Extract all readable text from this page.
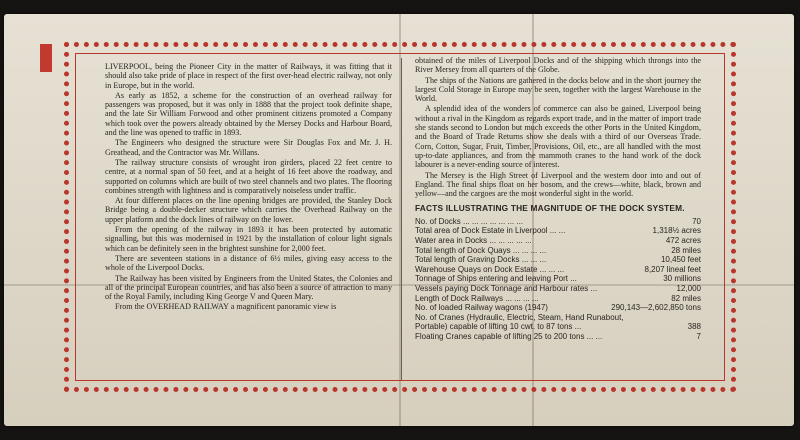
LIVERPOOL, being the Pioneer City in the matter of Railways, it was fitting that it should also take pride of place in respect of the first over-head electric railway, not only in Europe, but in the world.

As early as 1852, a scheme for the construction of an overhead railway for passengers was proposed, but it was only in 1888 that the project took definite shape, and the late Sir William Forwood and other prominent citizens promoted a Company which took over the powers already obtained by the Mersey Docks and Harbour Board, and the line was opened to traffic in 1893.

The Engineers who designed the structure were Sir Douglas Fox and Mr. J. H. Greathead, and the Contractor was Mr. Willans.

The railway structure consists of wrought iron girders, placed 22 feet centre to centre, at a normal span of 50 feet, and at a height of 16 feet above the roadway, and supported on columns which are built of two steel channels and two plates. The flooring combines strength with lightness and is comparatively noiseless under traffic.

At four different places on the line opening bridges are provided, the Stanley Dock Bridge being a double-decker structure which carries the Overhead Railway on the upper platform and the dock lines of railway on the lower.

From the opening of the railway in 1893 it has been protected by automatic signalling, but this was modernised in 1921 by the installation of colour light signals which can be definitely seen in the brightest sunshine for 2,000 feet.

There are seventeen stations in a distance of 6½ miles, giving easy access to the whole of the Liverpool Docks.

The Railway has been visited by Engineers from the United States, the Colonies and all of the principal European countries, and has also been a source of attraction to many of the Royal Family, including King George V and Queen Mary.

From the OVERHEAD RAILWAY a magnificent panoramic view is

obtained of the miles of Liverpool Docks and of the shipping which throngs into the River Mersey from all quarters of the Globe.

The ships of the Nations are gathered in the docks below and in the short journey the largest Cold Storage in Europe may be seen, together with the largest Warehouse in the World.

A splendid idea of the wonders of commerce can also be gained, Liverpool being without a rival in the Kingdom as regards export trade, and in the matter of import trade she stands second to London but much exceeds the other Ports in the United Kingdom, and the Board of Trade Returns show she deals with a third of our Overseas Trade. Corn, Cotton, Sugar, Fruit, Timber, Provisions, Oil, etc., are all handled with the most up-to-date appliances, and from the mammoth cranes to the hand work of the dock labourer is a never-ending source of interest.

The Mersey is the High Street of Liverpool and the western door into and out of England. The final ships float on her bosom, and the crews—white, black, brown and yellow—and the cargoes are the most wonderful sight in the world.

FACTS ILLUSTRATING THE MAGNITUDE OF THE DOCK SYSTEM.
No. of Docks ... ... ... ... ... ... ...	70
Total area of Dock Estate in Liverpool ... ...	1,318½ acres
Water area in Docks ... ... ... ... ...	472 acres
Total length of Dock Quays ... ... ... ...	28 miles
Total length of Graving Docks ... ... ...	10,450 feet
Warehouse Quays on Dock Estate ... ... ...	8,207 lineal feet
Tonnage of Ships entering and leaving Port ...	30 millions
Vessels paying Dock Tonnage and Harbour rates ...	12,000
Length of Dock Railways ... ... ... ...	82 miles
No. of loaded Railway wagons (1947)	290,143—2,602,850 tons
No. of Cranes (Hydraulic, Electric, Steam, Hand Runabout,
Portable) capable of lifting 10 cwt. to 87 tons ...	388
Floating Cranes capable of lifting 25 to 200 tons ... ...	7
